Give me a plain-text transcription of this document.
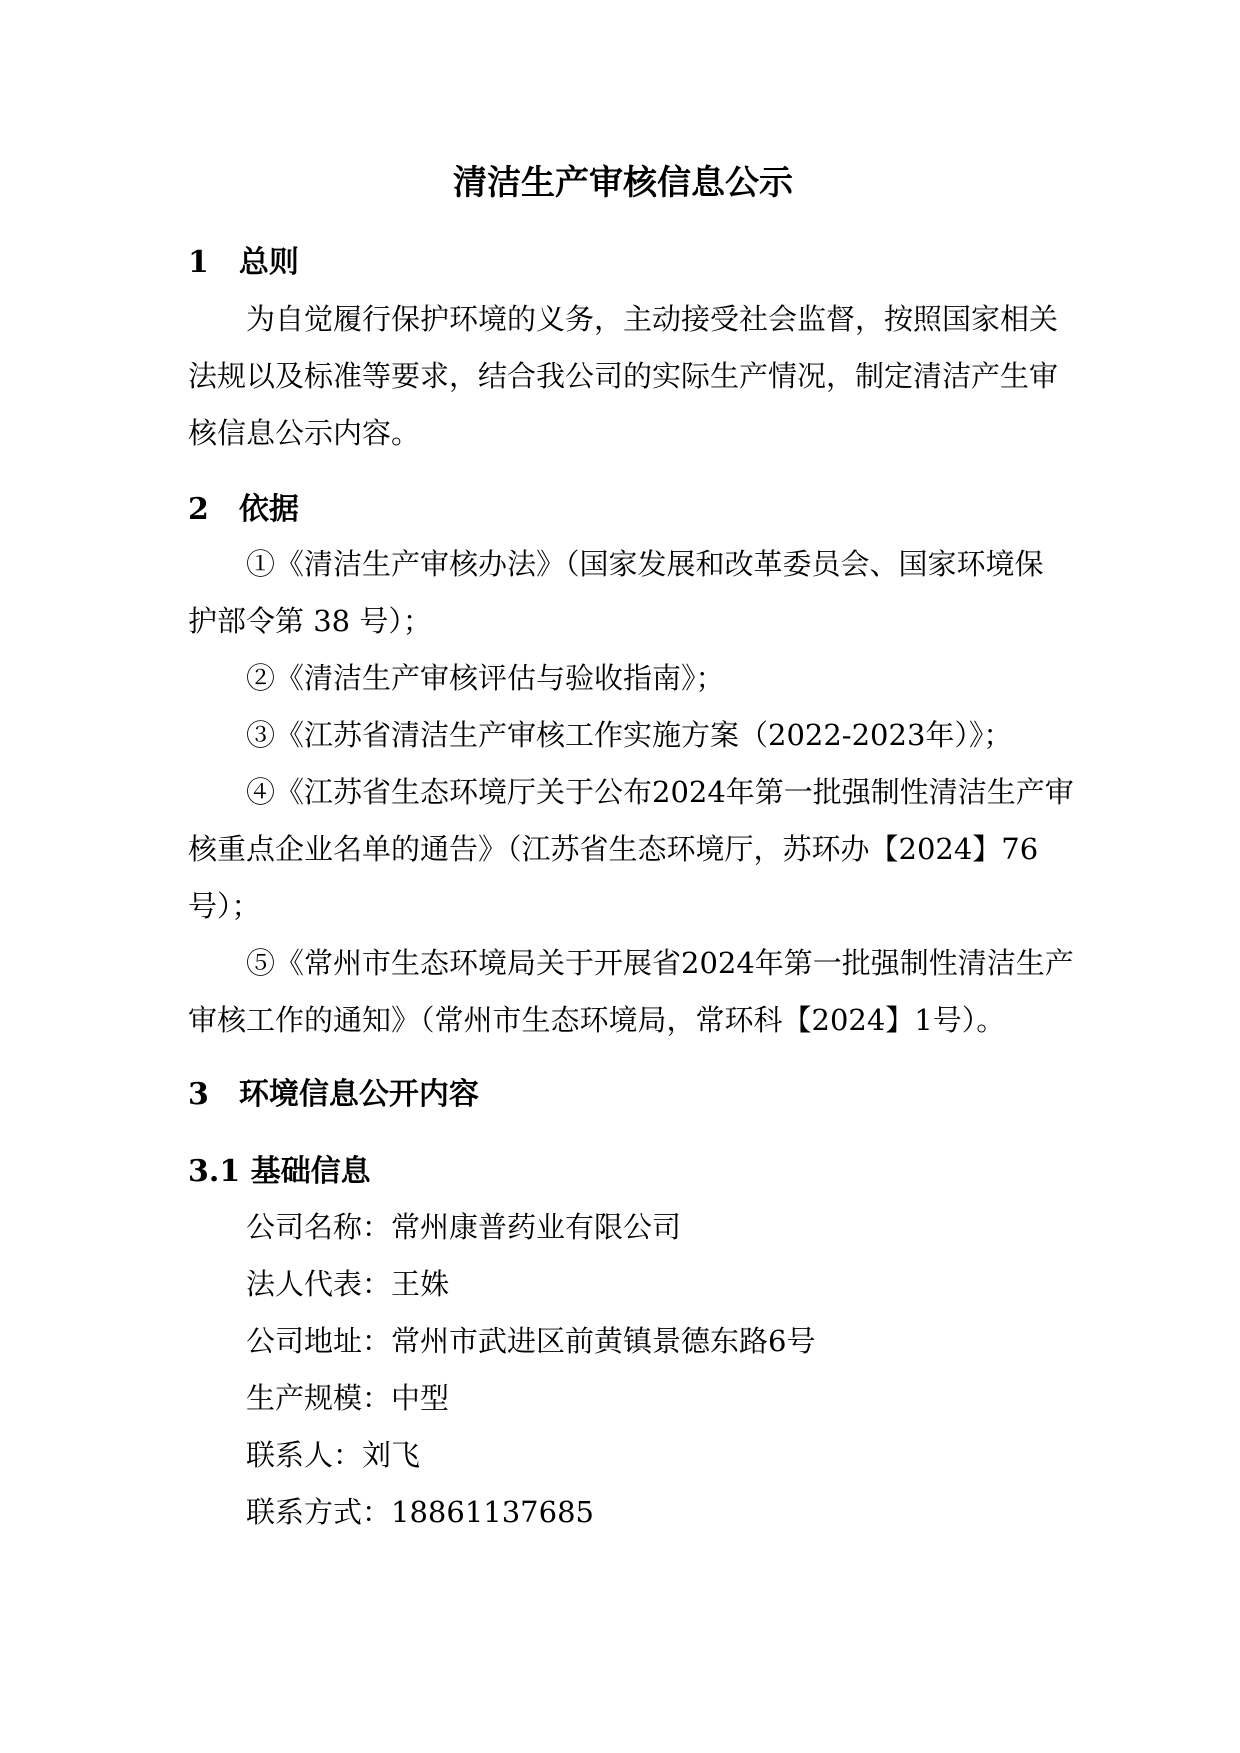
清洁生产审核信息公示
1　总则
为自觉履行保护环境的义务，主动接受社会监督，按照国家相关
法规以及标准等要求，结合我公司的实际生产情况，制定清洁产生审
核信息公示内容。
2　依据
①《清洁生产审核办法》（国家发展和改革委员会、国家环境保
护部令第 38 号）；
②《清洁生产审核评估与验收指南》；
③《江苏省清洁生产审核工作实施方案（2022-2023年）》；
④《江苏省生态环境厅关于公布2024年第一批强制性清洁生产审
核重点企业名单的通告》（江苏省生态环境厅，苏环办【2024】76
号）；
⑤《常州市生态环境局关于开展省2024年第一批强制性清洁生产
审核工作的通知》（常州市生态环境局，常环科【2024】1号）。
3　环境信息公开内容
3.1 基础信息
公司名称：常州康普药业有限公司
法人代表：王姝
公司地址：常州市武进区前黄镇景德东路6号
生产规模：中型
联系人：刘飞
联系方式：18861137685
